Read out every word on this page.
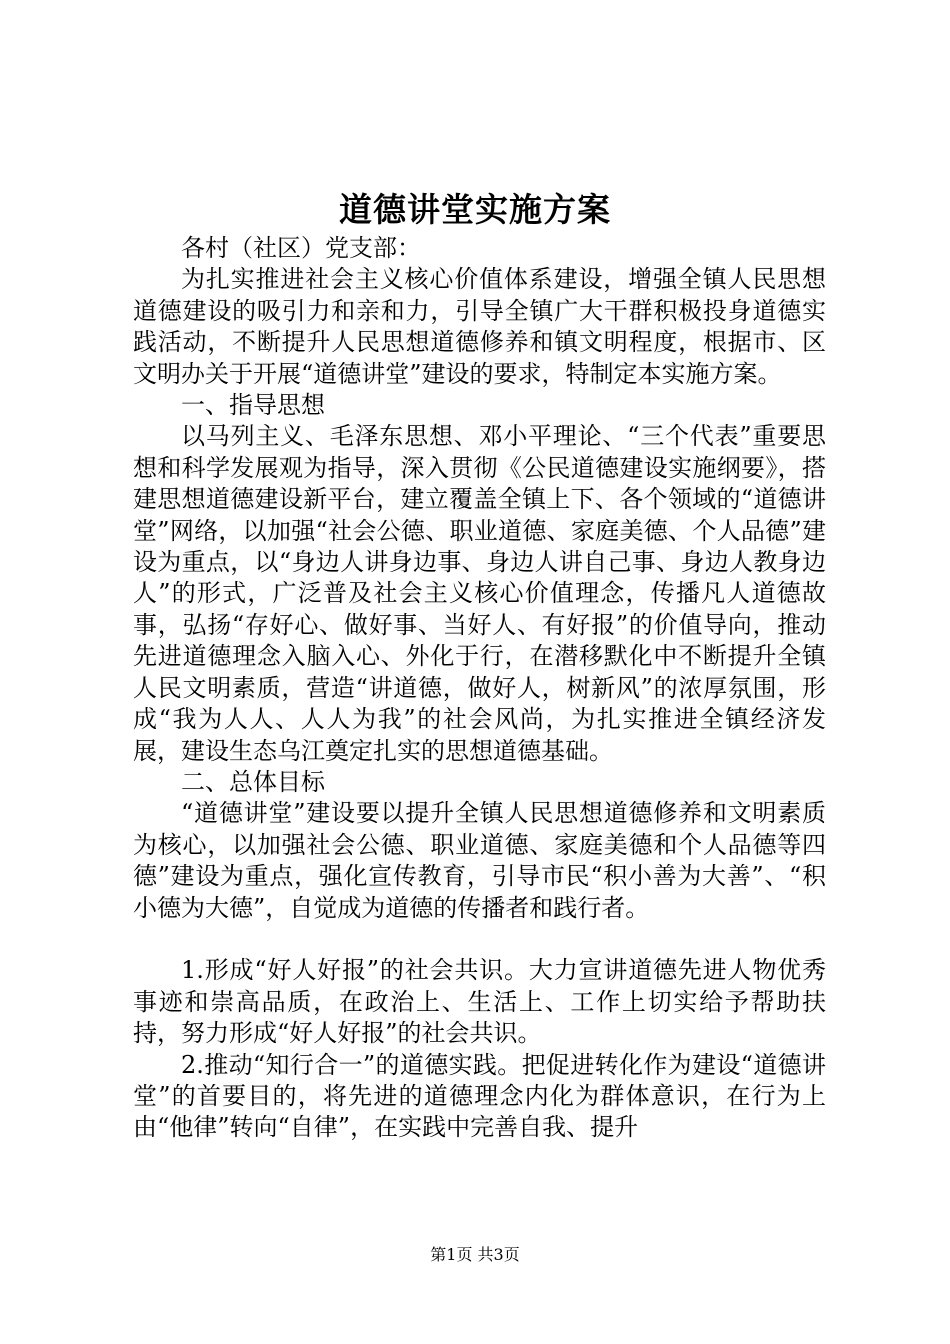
道德讲堂实施方案

各村（社区）党支部：

为扎实推进社会主义核心价值体系建设，增强全镇人民思想道德建设的吸引力和亲和力，引导全镇广大干群积极投身道德实践活动，不断提升人民思想道德修养和镇文明程度，根据市、区文明办关于开展“道德讲堂”建设的要求，特制定本实施方案。

一、指导思想

以马列主义、毛泽东思想、邓小平理论、“三个代表”重要思想和科学发展观为指导，深入贯彻《公民道德建设实施纲要》，搭建思想道德建设新平台，建立覆盖全镇上下、各个领域的“道德讲堂”网络，以加强“社会公德、职业道德、家庭美德、个人品德”建设为重点，以“身边人讲身边事、身边人讲自己事、身边人教身边人”的形式，广泛普及社会主义核心价值理念，传播凡人道德故事，弘扬“存好心、做好事、当好人、有好报”的价值导向，推动先进道德理念入脑入心、外化于行，在潜移默化中不断提升全镇人民文明素质，营造“讲道德，做好人，树新风”的浓厚氛围，形成“我为人人、人人为我”的社会风尚，为扎实推进全镇经济发展，建设生态乌江奠定扎实的思想道德基础。

二、总体目标

“道德讲堂”建设要以提升全镇人民思想道德修养和文明素质为核心，以加强社会公德、职业道德、家庭美德和个人品德等四德”建设为重点，强化宣传教育，引导市民“积小善为大善”、“积小德为大德”，自觉成为道德的传播者和践行者。

1.形成“好人好报”的社会共识。大力宣讲道德先进人物优秀事迹和崇高品质，在政治上、生活上、工作上切实给予帮助扶持，努力形成“好人好报”的社会共识。

2.推动“知行合一”的道德实践。把促进转化作为建设“道德讲堂”的首要目的，将先进的道德理念内化为群体意识，在行为上由“他律”转向“自律”，在实践中完善自我、提升

第1页 共3页
